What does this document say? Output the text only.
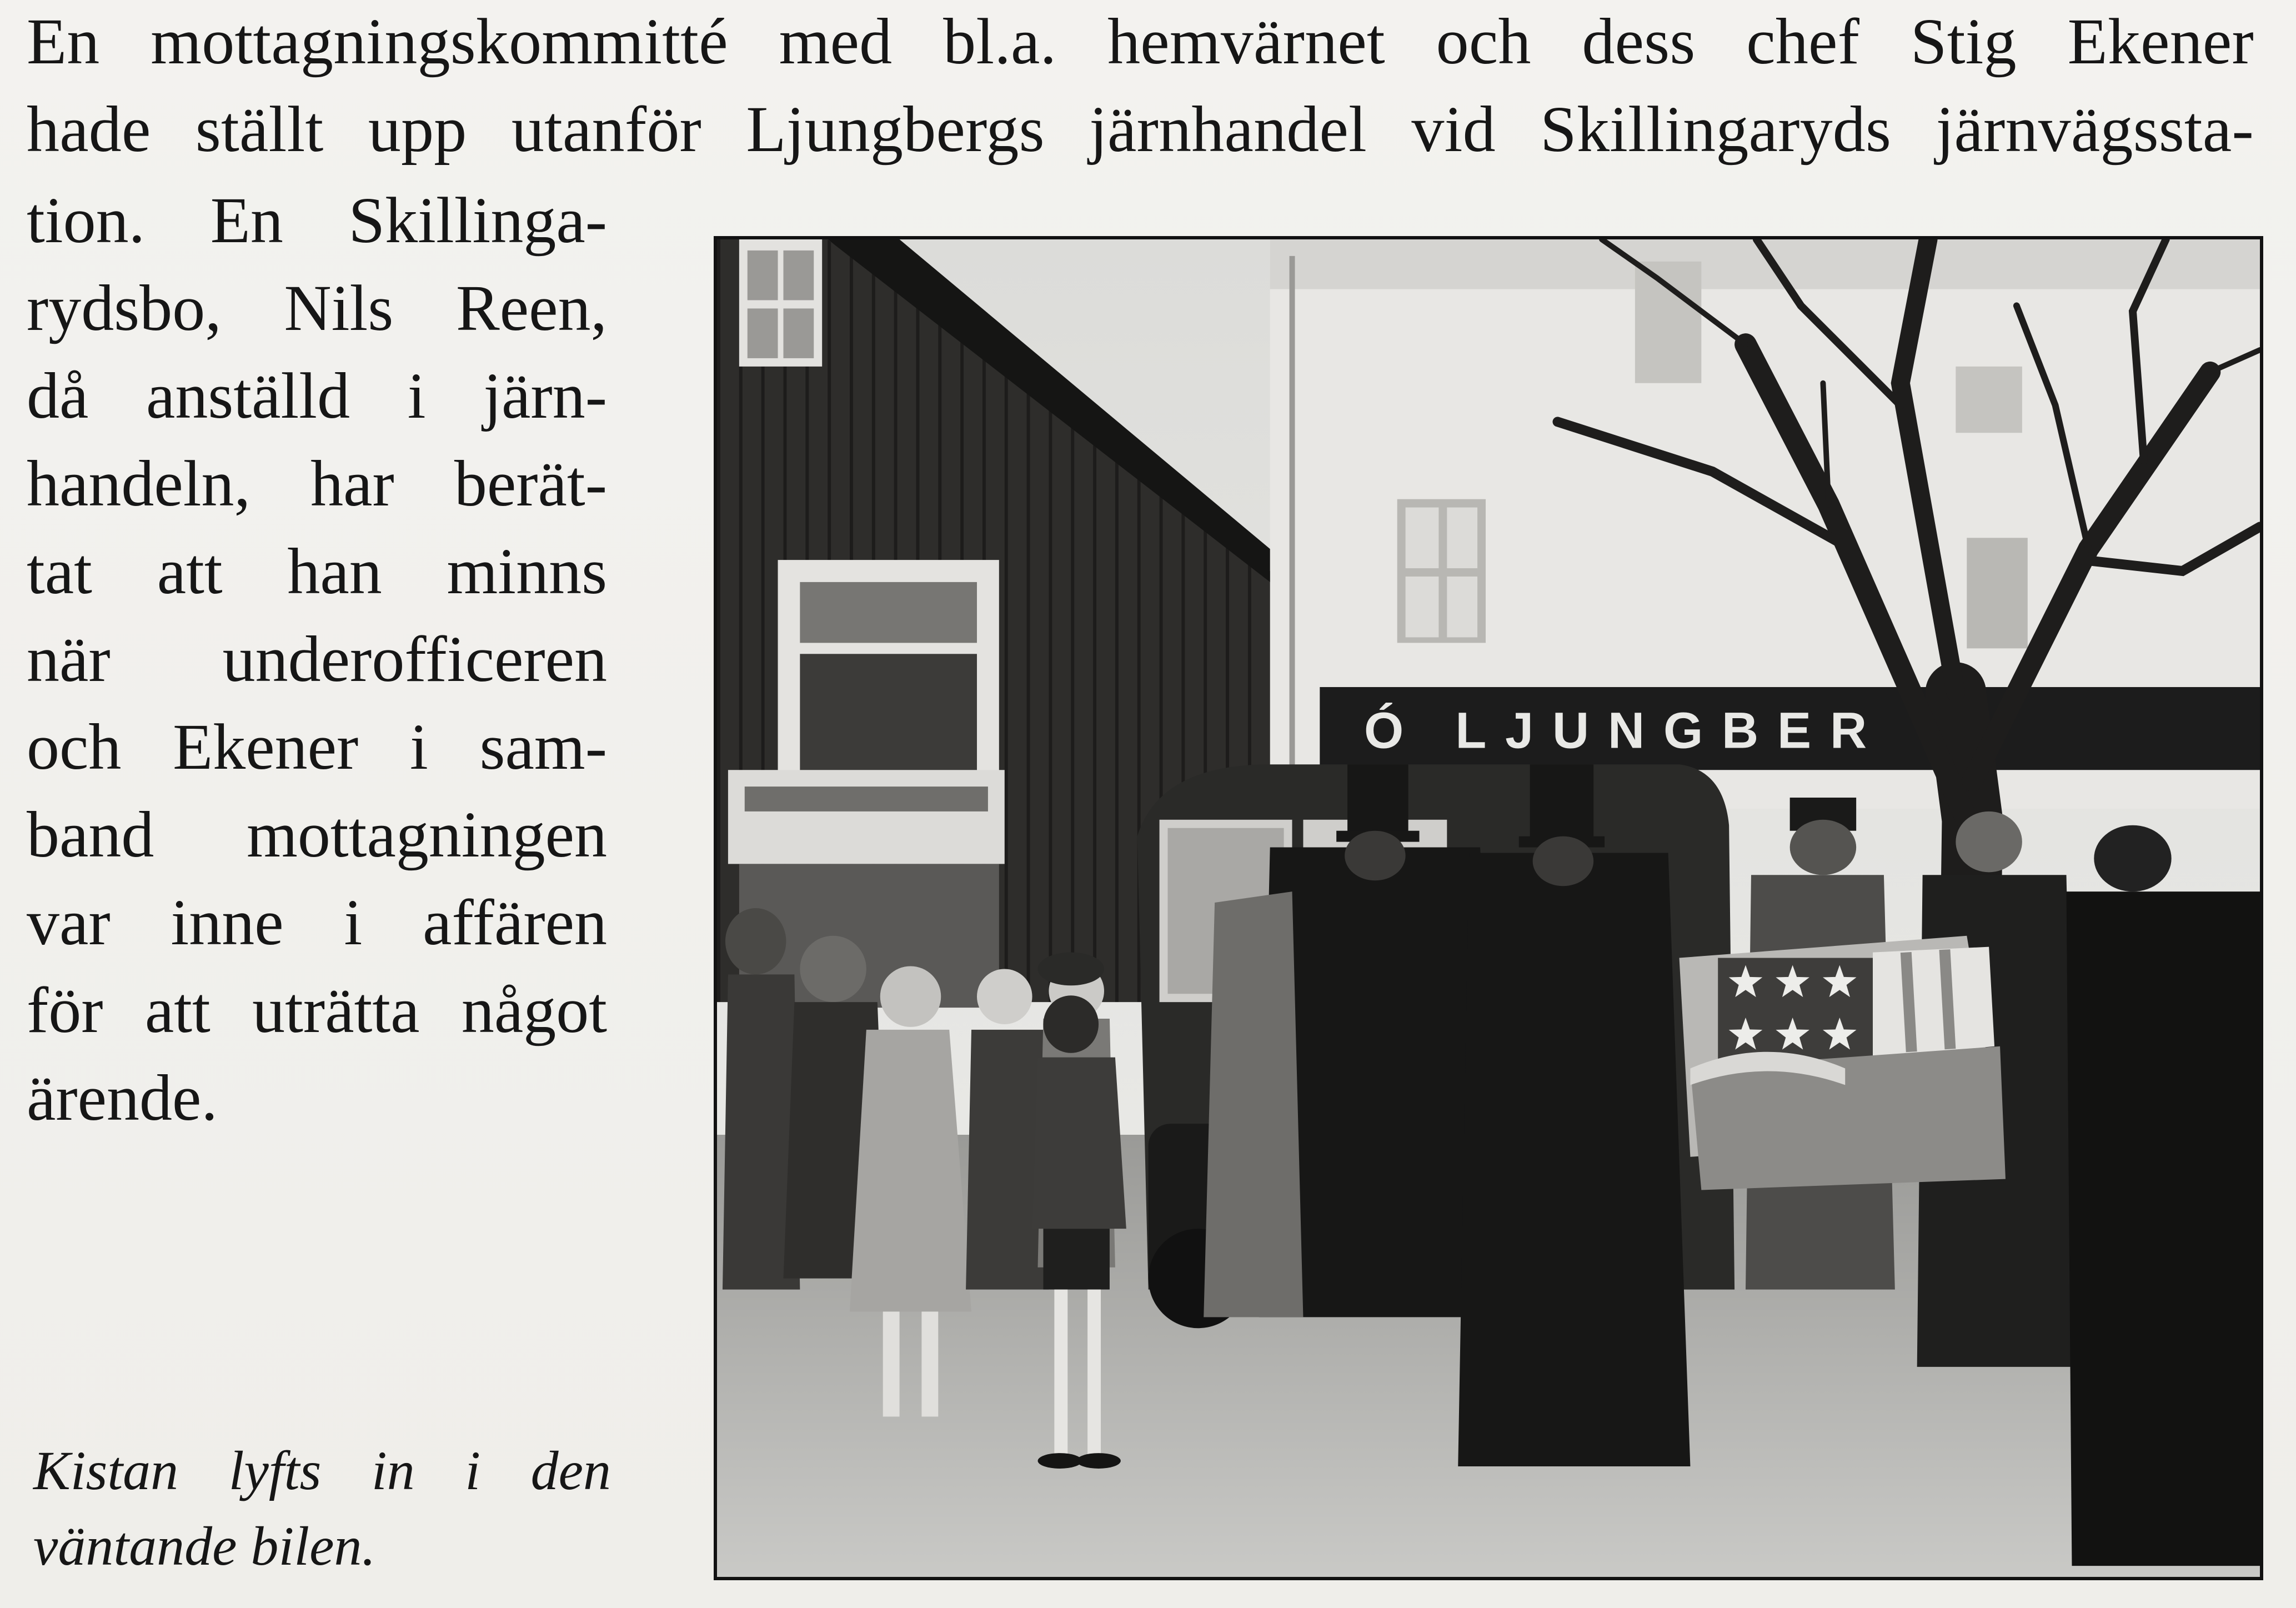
En mottagningskommitté med bl.a. hemvärnet och dess chef Stig Ekener
hade ställt upp utanför Ljungbergs järnhandel vid Skillingaryds järnvägssta-
tion. En Skillinga-
rydsbo, Nils Reen,
då anställd i järn-
handeln, har berät-
tat att han minns
när underofficeren
och Ekener i sam-
band mottagningen
var inne i affären
för att uträtta något
ärende.
Kistan lyfts in i den
väntande bilen.
Ó LJUNGBER
